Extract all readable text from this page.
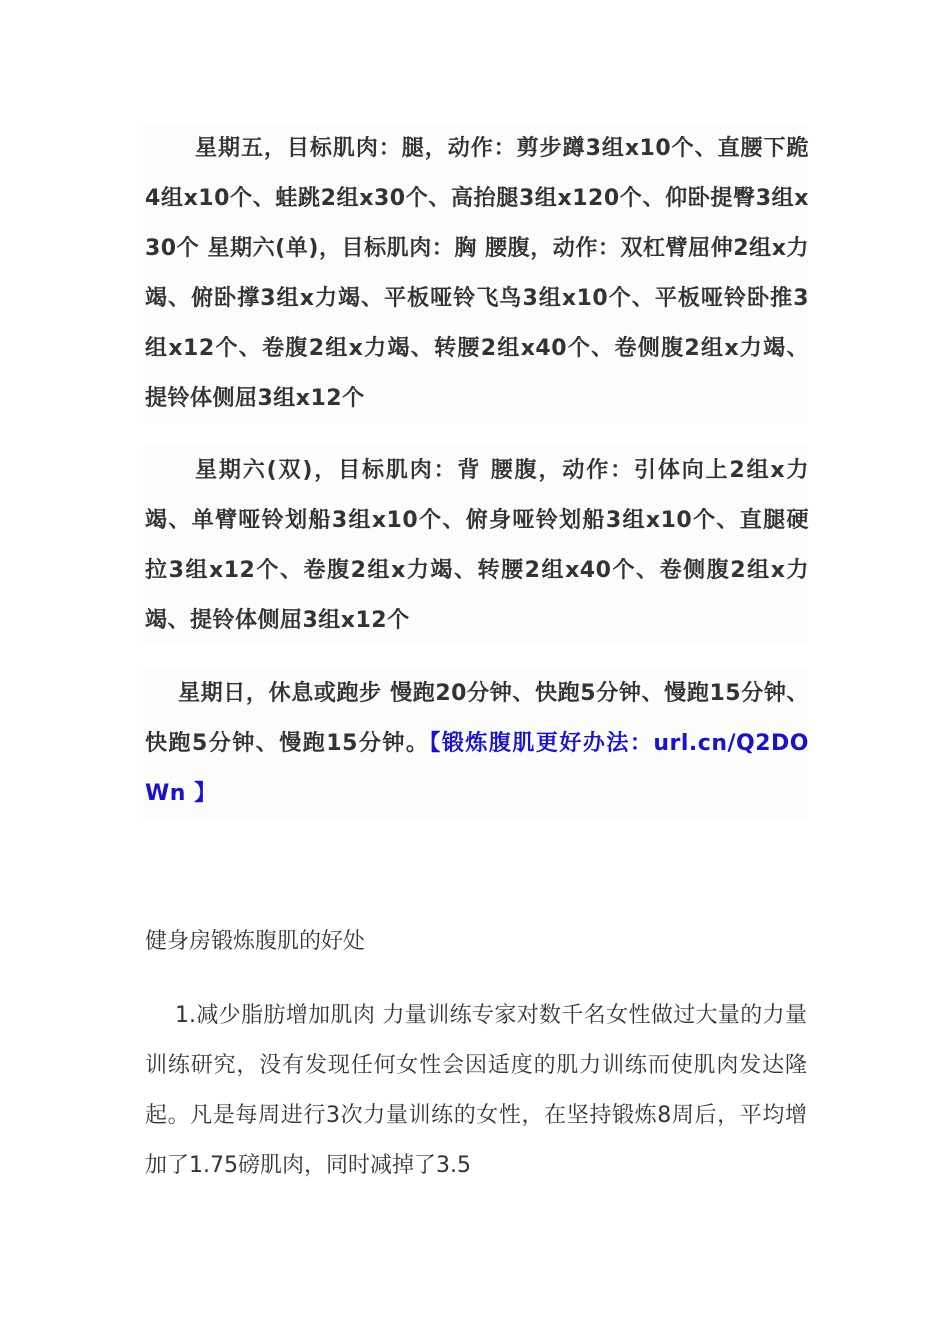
星期五，目标肌肉：腿，动作：剪步蹲3组x10个、直腰下跪4组x10个、蛙跳2组x30个、高抬腿3组x120个、仰卧提臀3组x30个 星期六(单)，目标肌肉：胸 腰腹，动作：双杠臂屈伸2组x力竭、俯卧撑3组x力竭、平板哑铃飞鸟3组x10个、平板哑铃卧推3组x12个、卷腹2组x力竭、转腰2组x40个、卷侧腹2组x力竭、提铃体侧屈3组x12个

星期六(双)，目标肌肉：背 腰腹，动作：引体向上2组x力竭、单臂哑铃划船3组x10个、俯身哑铃划船3组x10个、直腿硬拉3组x12个、卷腹2组x力竭、转腰2组x40个、卷侧腹2组x力竭、提铃体侧屈3组x12个

星期日，休息或跑步 慢跑20分钟、快跑5分钟、慢跑15分钟、快跑5分钟、慢跑15分钟。【锻炼腹肌更好办法：url.cn/Q2DOWn 】

健身房锻炼腹肌的好处

1.减少脂肪增加肌肉 力量训练专家对数千名女性做过大量的力量训练研究，没有发现任何女性会因适度的肌力训练而使肌肉发达隆起。凡是每周进行3次力量训练的女性，在坚持锻炼8周后，平均增加了1.75磅肌肉，同时减掉了3.5
